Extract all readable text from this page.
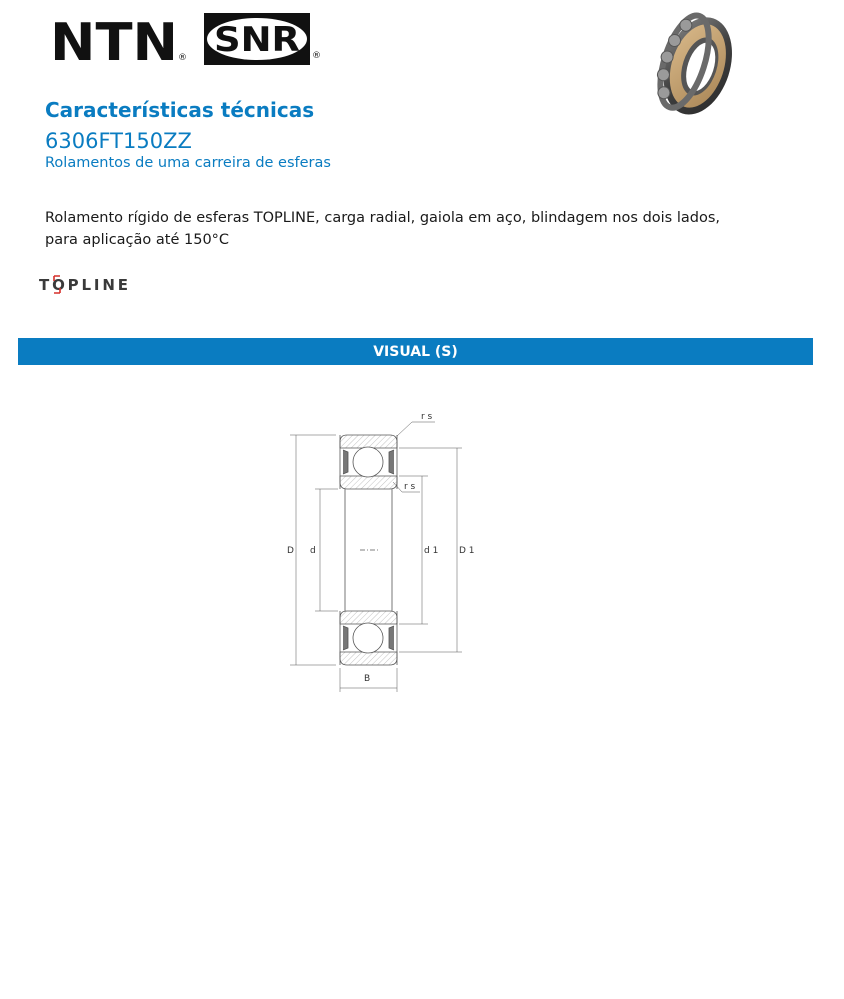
NTN ® SNR ®
Características técnicas
6306FT150ZZ
Rolamentos de uma carreira de esferas
Rolamento rígido de esferas TOPLINE, carga radial, gaiola em aço, blindagem nos dois lados,
para aplicação até 150°C
TOPLINE
VISUAL (S)
r s
r s
D d	d 1 D 1
B
